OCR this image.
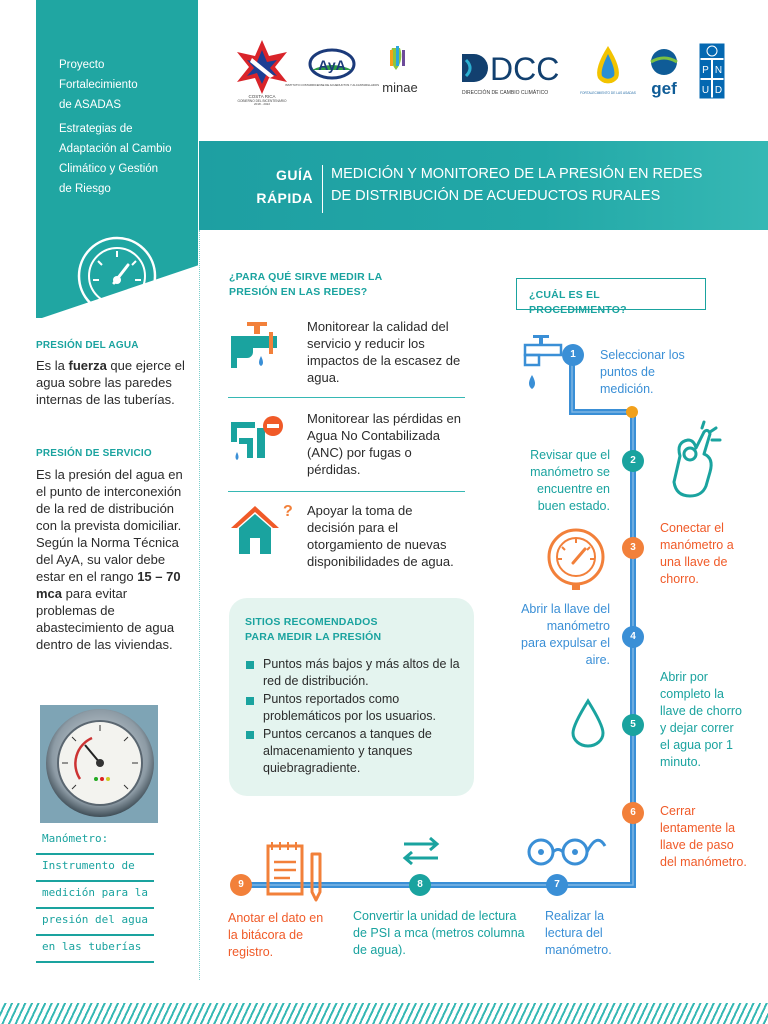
Proyecto
Fortalecimiento
de ASADAS
Estrategias de
Adaptación al Cambio
Climático y Gestión
de Riesgo
PRESIÓN DEL AGUA
Es la fuerza que ejerce el agua sobre las paredes internas de las tuberías.
PRESIÓN DE SERVICIO
Es la presión del agua en el punto de interconexión de la red de distribución con la prevista domiciliar. Según la Norma Técnica del AyA, su valor debe estar en el rango 15 – 70 mca para evitar problemas de abastecimiento de agua dentro de las viviendas.
Manómetro:
Instrumento de
medición para la
presión del agua
en las tuberías
COSTA RICA
GOBIERNO DEL BICENTENARIO
2018 - 2022
AyA
INSTITUTO COSTARRICENSE DE ACUEDUCTOS Y ALCANTARILLADOS minae
DCC
DIRECCIÓN DE CAMBIO CLIMÁTICO	FORTALECIMIENTO DE LAS ASADAS gef
P N
U D
GUÍA
RÁPIDA
MEDICIÓN Y MONITOREO DE LA PRESIÓN EN REDES
DE DISTRIBUCIÓN DE ACUEDUCTOS RURALES
¿PARA QUÉ SIRVE MEDIR LA
PRESIÓN EN LAS REDES?
Monitorear la calidad del servicio y reducir los impactos de la escasez de agua.
Monitorear las pérdidas en Agua No Contabilizada (ANC) por fugas o pérdidas.
? Apoyar la toma de decisión para el otorgamiento de nuevas disponibilidades de agua.
SITIOS RECOMENDADOS
PARA MEDIR LA PRESIÓN
Puntos más bajos y más altos de la red de distribución.
Puntos reportados como problemáticos por los usuarios.
Puntos cercanos a tanques de almacenamiento y tanques quiebragradiente.
¿CUÁL ES EL PROCEDIMIENTO?
1
2
3
4
5
6
7
8
9
Seleccionar los puntos de medición.
Revisar que el manómetro se encuentre en buen estado.
Conectar el manómetro a una llave de chorro.
Abrir la llave del manómetro para expulsar el aire.
Abrir por completo la llave de chorro y dejar correr el agua por 1 minuto.
Cerrar lentamente la llave de paso del manómetro.
Realizar la lectura del manómetro.
Convertir la unidad de lectura de PSI a mca (metros columna de agua).
Anotar el dato en la bitácora de registro.
